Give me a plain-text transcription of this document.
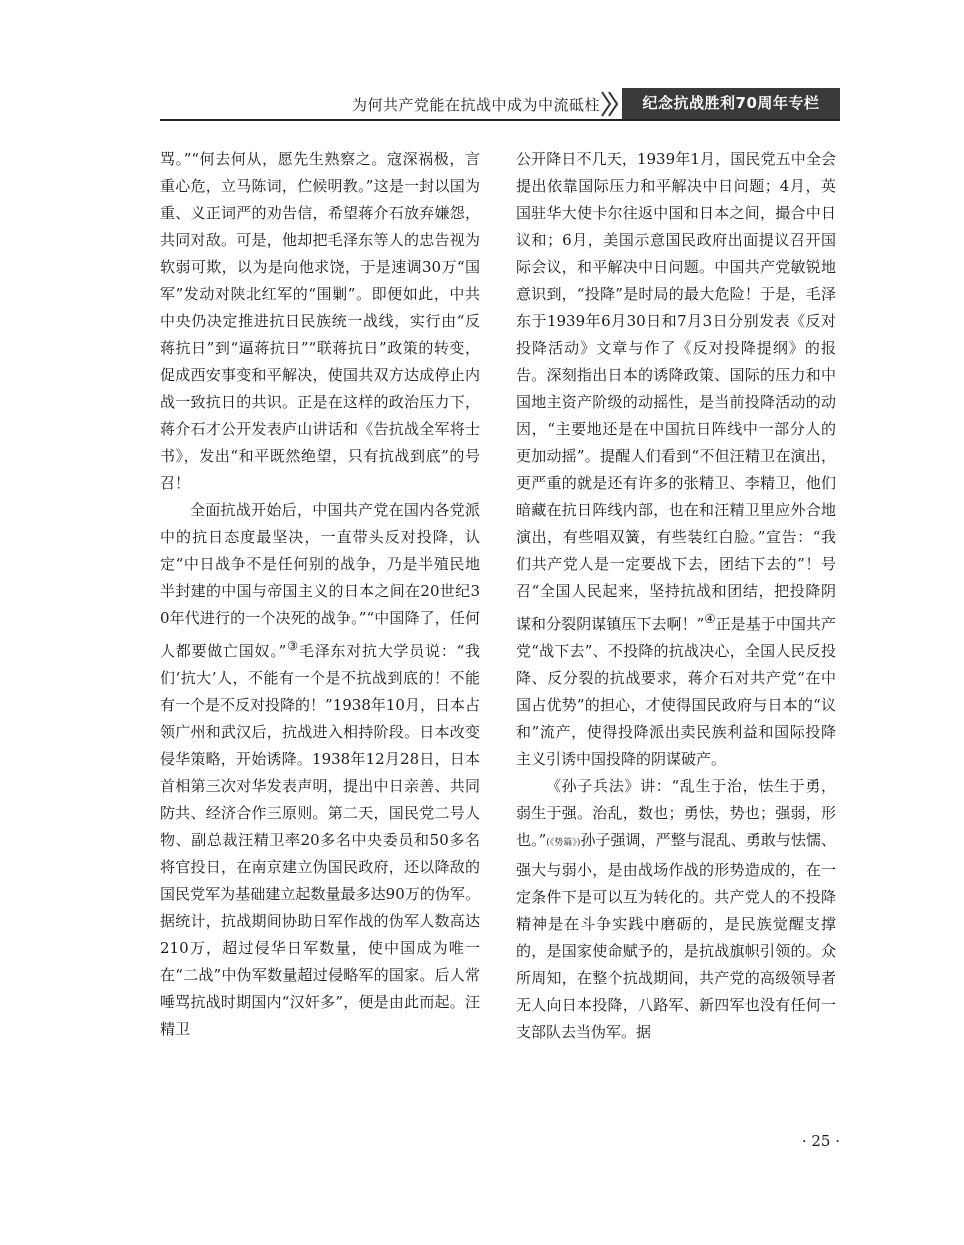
为何共产党能在抗战中成为中流砥柱	纪念抗战胜利70周年专栏

骂。”“何去何从，愿先生熟察之。寇深祸极，言重心危，立马陈词，伫候明教。”这是一封以国为重、义正词严的劝告信，希望蒋介石放弃嫌怨，共同对敌。可是，他却把毛泽东等人的忠告视为软弱可欺，以为是向他求饶，于是速调30万“国军”发动对陕北红军的“围剿”。即便如此，中共中央仍决定推进抗日民族统一战线，实行由“反蒋抗日”到“逼蒋抗日”“联蒋抗日”政策的转变，促成西安事变和平解决，使国共双方达成停止内战一致抗日的共识。正是在这样的政治压力下，蒋介石才公开发表庐山讲话和《告抗战全军将士书》，发出“和平既然绝望，只有抗战到底”的号召！

全面抗战开始后，中国共产党在国内各党派中的抗日态度最坚决，一直带头反对投降，认定“中日战争不是任何别的战争，乃是半殖民地半封建的中国与帝国主义的日本之间在20世纪30年代进行的一个决死的战争。”“中国降了，任何人都要做亡国奴。”③毛泽东对抗大学员说：“我们‘抗大’人，不能有一个是不抗战到底的！不能有一个是不反对投降的！”1938年10月，日本占领广州和武汉后，抗战进入相持阶段。日本改变侵华策略，开始诱降。1938年12月28日，日本首相第三次对华发表声明，提出中日亲善、共同防共、经济合作三原则。第二天，国民党二号人物、副总裁汪精卫率20多名中央委员和50多名将官投日，在南京建立伪国民政府，还以降敌的国民党军为基础建立起数量最多达90万的伪军。据统计，抗战期间协助日军作战的伪军人数高达210万，超过侵华日军数量，使中国成为唯一在“二战”中伪军数量超过侵略军的国家。后人常唾骂抗战时期国内“汉奸多”，便是由此而起。汪精卫

公开降日不几天，1939年1月，国民党五中全会提出依靠国际压力和平解决中日问题；4月，英国驻华大使卡尔往返中国和日本之间，撮合中日议和；6月，美国示意国民政府出面提议召开国际会议，和平解决中日问题。中国共产党敏锐地意识到，“投降”是时局的最大危险！于是，毛泽东于1939年6月30日和7月3日分别发表《反对投降活动》文章与作了《反对投降提纲》的报告。深刻指出日本的诱降政策、国际的压力和中国地主资产阶级的动摇性，是当前投降活动的动因，“主要地还是在中国抗日阵线中一部分人的更加动摇”。提醒人们看到“不但汪精卫在演出，更严重的就是还有许多的张精卫、李精卫，他们暗藏在抗日阵线内部，也在和汪精卫里应外合地演出，有些唱双簧，有些装红白脸。”宣告：“我们共产党人是一定要战下去，团结下去的”！号召“全国人民起来，坚持抗战和团结，把投降阴谋和分裂阴谋镇压下去啊！”④正是基于中国共产党“战下去”、不投降的抗战决心，全国人民反投降、反分裂的抗战要求，蒋介石对共产党“在中国占优势”的担心，才使得国民政府与日本的“议和”流产，使得投降派出卖民族利益和国际投降主义引诱中国投降的阴谋破产。

《孙子兵法》讲：“乱生于治，怯生于勇，弱生于强。治乱，数也；勇怯，势也；强弱，形也。”(《势篇》)孙子强调，严整与混乱、勇敢与怯懦、强大与弱小，是由战场作战的形势造成的，在一定条件下是可以互为转化的。共产党人的不投降精神是在斗争实践中磨砺的，是民族觉醒支撑的，是国家使命赋予的，是抗战旗帜引领的。众所周知，在整个抗战期间，共产党的高级领导者无人向日本投降，八路军、新四军也没有任何一支部队去当伪军。据

· 25 ·
